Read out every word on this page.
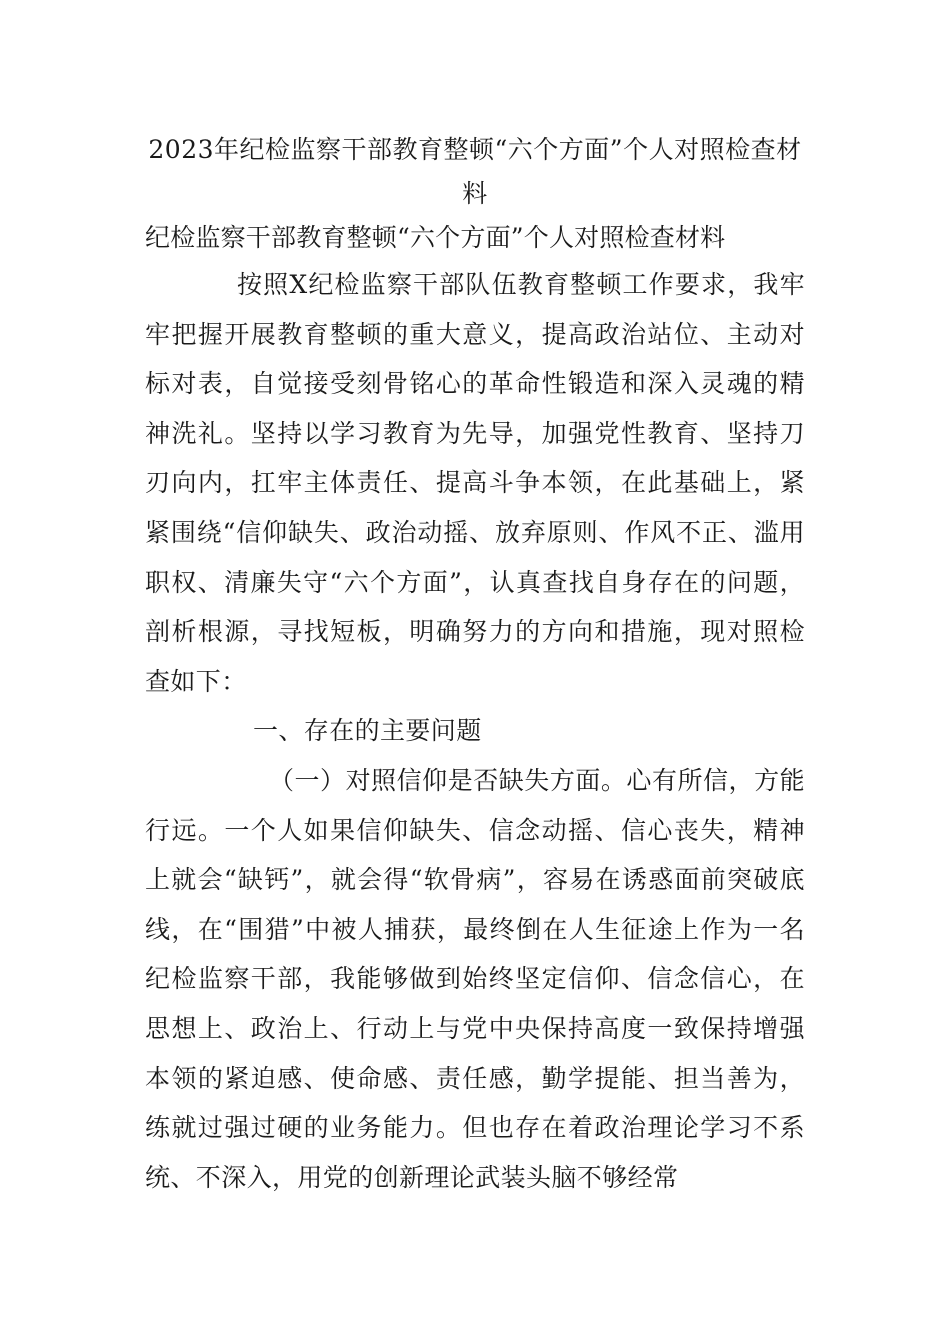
2023年纪检监察干部教育整顿“六个方面”个人对照检查材料

纪检监察干部教育整顿“六个方面”个人对照检查材料

按照X纪检监察干部队伍教育整顿工作要求，我牢牢把握开展教育整顿的重大意义，提高政治站位、主动对标对表，自觉接受刻骨铭心的革命性锻造和深入灵魂的精神洗礼。坚持以学习教育为先导，加强党性教育、坚持刀刃向内，扛牢主体责任、提高斗争本领，在此基础上，紧紧围绕“信仰缺失、政治动摇、放弃原则、作风不正、滥用职权、清廉失守“六个方面”，认真查找自身存在的问题，剖析根源，寻找短板，明确努力的方向和措施，现对照检查如下：

一、存在的主要问题

（一）对照信仰是否缺失方面。心有所信，方能行远。一个人如果信仰缺失、信念动摇、信心丧失，精神上就会“缺钙”，就会得“软骨病”，容易在诱惑面前突破底线，在“围猎”中被人捕获，最终倒在人生征途上作为一名纪检监察干部，我能够做到始终坚定信仰、信念信心，在思想上、政治上、行动上与党中央保持高度一致保持增强本领的紧迫感、使命感、责任感，勤学提能、担当善为，练就过强过硬的业务能力。但也存在着政治理论学习不系统、不深入，用党的创新理论武装头脑不够经常
